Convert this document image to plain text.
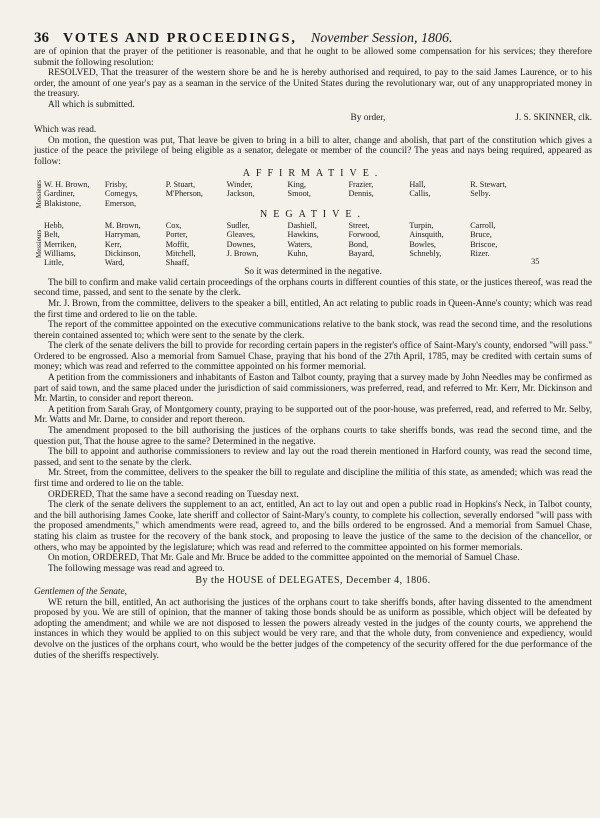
36 VOTES AND PROCEEDINGS, November Session, 1806.

are of opinion that the prayer of the petitioner is reasonable, and that he ought to be allowed some compensation for his services; they therefore submit the following resolution:

RESOLVED, That the treasurer of the western shore be and he is hereby authorised and required, to pay to the said James Laurence, or to his order, the amount of one year's pay as a seaman in the service of the United States during the revolutionary war, out of any unappropriated money in the treasury.

All which is submitted.

By order,	J. S. SKINNER, clk.

Which was read.

On motion, the question was put, That leave be given to bring in a bill to alter, change and abolish, that part of the constitution which gives a justice of the peace the privilege of being eligible as a senator, delegate or member of the council? The yeas and nays being required, appeared as follow:

AFFIRMATIVE.
Messieurs W. H. Brown,
Gardiner,
Blakistone,
Frisby,
Comegys,
Emerson,
P. Stuart,
M'Pherson,
Winder,
Jackson,
King,
Smoot,
Frazier,
Dennis,
Hall,
Callis,
R. Stewart,
Selby.
NEGATIVE.
Messieurs
Hebb,
Belt,
Merriken,
Williams,
Little,
M. Brown,
Harryman,
Kerr,
Dickinson,
Ward,
Cox,
Porter,
Moffit,
Mitchell,
Shaaff,
Sudler,
Gleaves,
Downes,
J. Brown,
Dashiell,
Hawkins,
Waters,
Kuhn,
Street,
Forwood,
Bond,
Bayard,
Turpin,
Ainsquith,
Bowles,
Schnebly,
Carroll,
Bruce,
Briscoe,
Rizer.
35
So it was determined in the negative.

The bill to confirm and make valid certain proceedings of the orphans courts in different counties of this state, or the justices thereof, was read the second time, passed, and sent to the senate by the clerk.

Mr. J. Brown, from the committee, delivers to the speaker a bill, entitled, An act relating to public roads in Queen-Anne's county; which was read the first time and ordered to lie on the table.

The report of the committee appointed on the executive communications relative to the bank stock, was read the second time, and the resolutions therein contained assented to; which were sent to the senate by the clerk.

The clerk of the senate delivers the bill to provide for recording certain papers in the register's office of Saint-Mary's county, endorsed "will pass." Ordered to be engrossed. Also a memorial from Samuel Chase, praying that his bond of the 27th April, 1785, may be credited with certain sums of money; which was read and referred to the committee appointed on his former memorial.

A petition from the commissioners and inhabitants of Easton and Talbot county, praying that a survey made by John Needles may be confirmed as part of said town, and the same placed under the jurisdiction of said commissioners, was preferred, read, and referred to Mr. Kerr, Mr. Dickinson and Mr. Martin, to consider and report thereon.

A petition from Sarah Gray, of Montgomery county, praying to be supported out of the poor-house, was preferred, read, and referred to Mr. Selby, Mr. Watts and Mr. Darne, to consider and report thereon.

The amendment proposed to the bill authorising the justices of the orphans courts to take sheriffs bonds, was read the second time, and the question put, That the house agree to the same? Determined in the negative.

The bill to appoint and authorise commissioners to review and lay out the road therein mentioned in Harford county, was read the second time, passed, and sent to the senate by the clerk.

Mr. Street, from the committee, delivers to the speaker the bill to regulate and discipline the militia of this state, as amended; which was read the first time and ordered to lie on the table.

ORDERED, That the same have a second reading on Tuesday next.

The clerk of the senate delivers the supplement to an act, entitled, An act to lay out and open a public road in Hopkins's Neck, in Talbot county, and the bill authorising James Cooke, late sheriff and collector of Saint-Mary's county, to complete his collection, severally endorsed "will pass with the proposed amendments," which amendments were read, agreed to, and the bills ordered to be engrossed. And a memorial from Samuel Chase, stating his claim as trustee for the recovery of the bank stock, and proposing to leave the justice of the same to the decision of the chancellor, or others, who may be appointed by the legislature; which was read and referred to the committee appointed on his former memorials.

On motion, ORDERED, That Mr. Gale and Mr. Bruce be added to the committee appointed on the memorial of Samuel Chase.

The following message was read and agreed to.

By the HOUSE of DELEGATES, December 4, 1806.

Gentlemen of the Senate,

WE return the bill, entitled, An act authorising the justices of the orphans court to take sheriffs bonds, after having dissented to the amendment proposed by you. We are still of opinion, that the manner of taking those bonds should be as uniform as possible, which object will be defeated by adopting the amendment; and while we are not disposed to lessen the powers already vested in the judges of the county courts, we apprehend the instances in which they would be applied to on this subject would be very rare, and that the whole duty, from convenience and expediency, would devolve on the justices of the orphans court, who would be the better judges of the competency of the security offered for the due performance of the duties of the sheriffs respectively.
